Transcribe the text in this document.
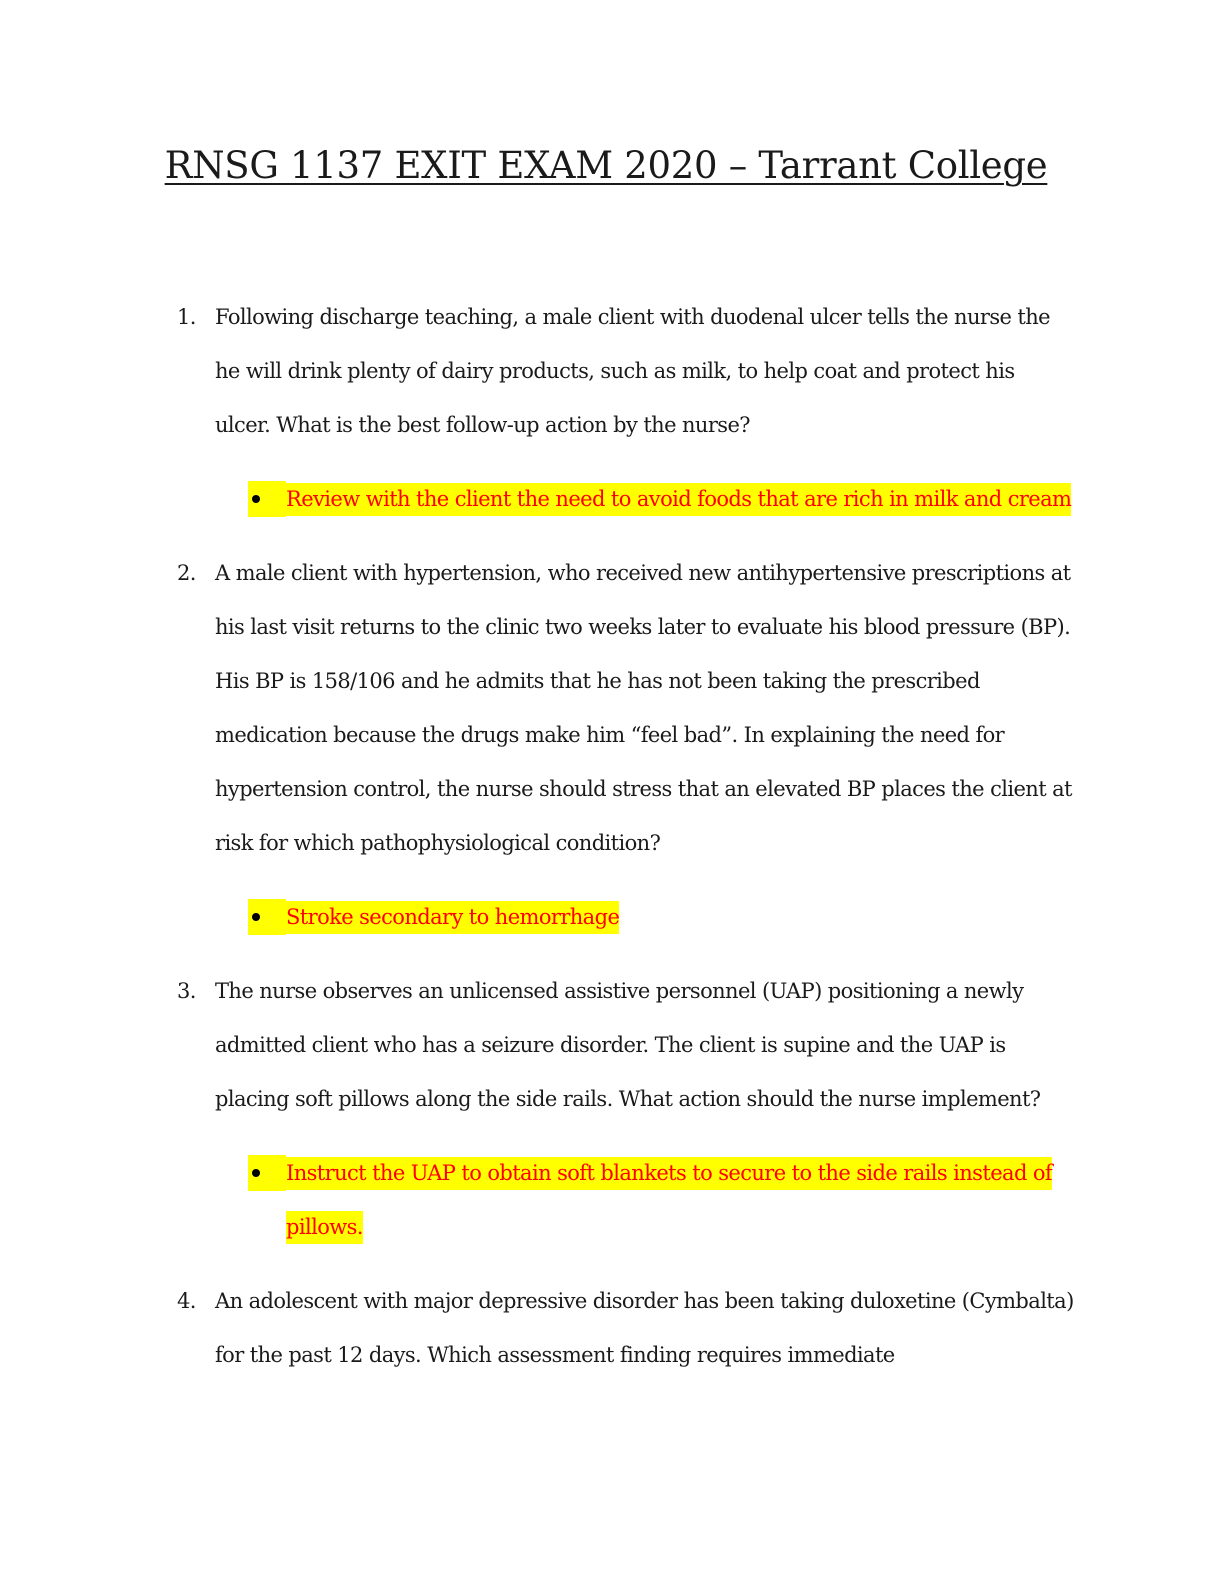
RNSG 1137 EXIT EXAM 2020 – Tarrant College
1. Following discharge teaching, a male client with duodenal ulcer tells the nurse the he will drink plenty of dairy products, such as milk, to help coat and protect his ulcer. What is the best follow-up action by the nurse?
Review with the client the need to avoid foods that are rich in milk and cream
2. A male client with hypertension, who received new antihypertensive prescriptions at his last visit returns to the clinic two weeks later to evaluate his blood pressure (BP). His BP is 158/106 and he admits that he has not been taking the prescribed medication because the drugs make him “feel bad”. In explaining the need for hypertension control, the nurse should stress that an elevated BP places the client at risk for which pathophysiological condition?
Stroke secondary to hemorrhage
3. The nurse observes an unlicensed assistive personnel (UAP) positioning a newly admitted client who has a seizure disorder. The client is supine and the UAP is placing soft pillows along the side rails. What action should the nurse implement?
Instruct the UAP to obtain soft blankets to secure to the side rails instead of pillows.
4. An adolescent with major depressive disorder has been taking duloxetine (Cymbalta) for the past 12 days. Which assessment finding requires immediate
